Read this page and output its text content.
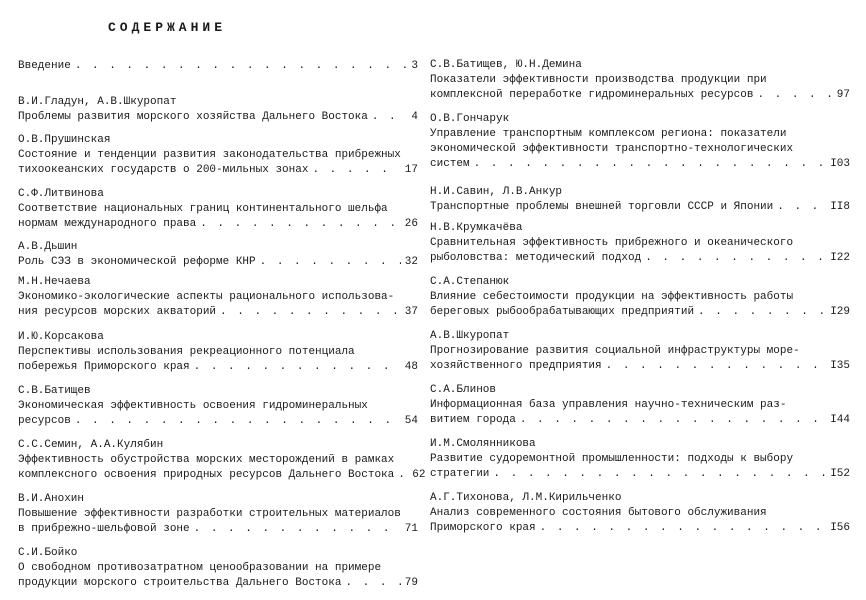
СОДЕРЖАНИЕ
Введение . . .	3
В.И.Гладун, А.В.Шкуропат
Проблемы развития морского хозяйства Дальнего Востока . . .	4
О.В.Прушинская
Состояние и тенденции развития законодательства прибрежных
тихоокеанских государств о 200-мильных зонах . . .	17
С.Ф.Литвинова
Соответствие национальных границ континентального шельфа
нормам международного права . . .	26
А.В.Дьшин
Роль СЭЗ в экономической реформе КНР . . .	32
М.Н.Нечаева
Экономико-экологические аспекты рационального использова-
ния ресурсов морских акваторий . . .	37
И.Ю.Корсакова
Перспективы использования рекреационного потенциала
побережья Приморского края . . .	48
С.В.Батищев
Экономическая эффективность освоения гидроминеральных
ресурсов . . .	54
С.С.Семин, А.А.Кулябин
Эффективность обустройства морских месторождений в рамках
комплексного освоения природных ресурсов Дальнего Востока . . . 62
В.И.Анохин
Повышение эффективности разработки строительных материалов
в прибрежно-шельфовой зоне . . .	71
С.И.Бойко
О свободном противозатратном ценообразовании на примере
продукции морского строительства Дальнего Востока . . .	79
С.В.Батищев, Ю.Н.Демина
Показатели эффективности производства продукции при
комплексной переработке гидроминеральных ресурсов . . .	97
О.В.Гончарук
Управление транспортным комплексом региона: показатели
экономической эффективности транспортно-технологических
систем . . .	I03
Н.И.Савин, Л.В.Анкур
Транспортные проблемы внешней торговли СССР и Японии . . .	II8
Н.В.Крумкачёва
Сравнительная эффективность прибрежного и океанического
рыболовства: методический подход . . .	I22
С.А.Степанюк
Влияние себестоимости продукции на эффективность работы
береговых рыбообрабатывающих предприятий . . .	I29
А.В.Шкуропат
Прогнозирование развития социальной инфраструктуры море-
хозяйственного предприятия . . .	I35
С.А.Блинов
Информационная база управления научно-техническим раз-
витием города . . .	I44
И.М.Смолянникова
Развитие судоремонтной промышленности: подходы к выбору
стратегии . . .	I52
А.Г.Тихонова, Л.М.Кирильченко
Анализ современного состояния бытового обслуживания
Приморского края . . .	I56
